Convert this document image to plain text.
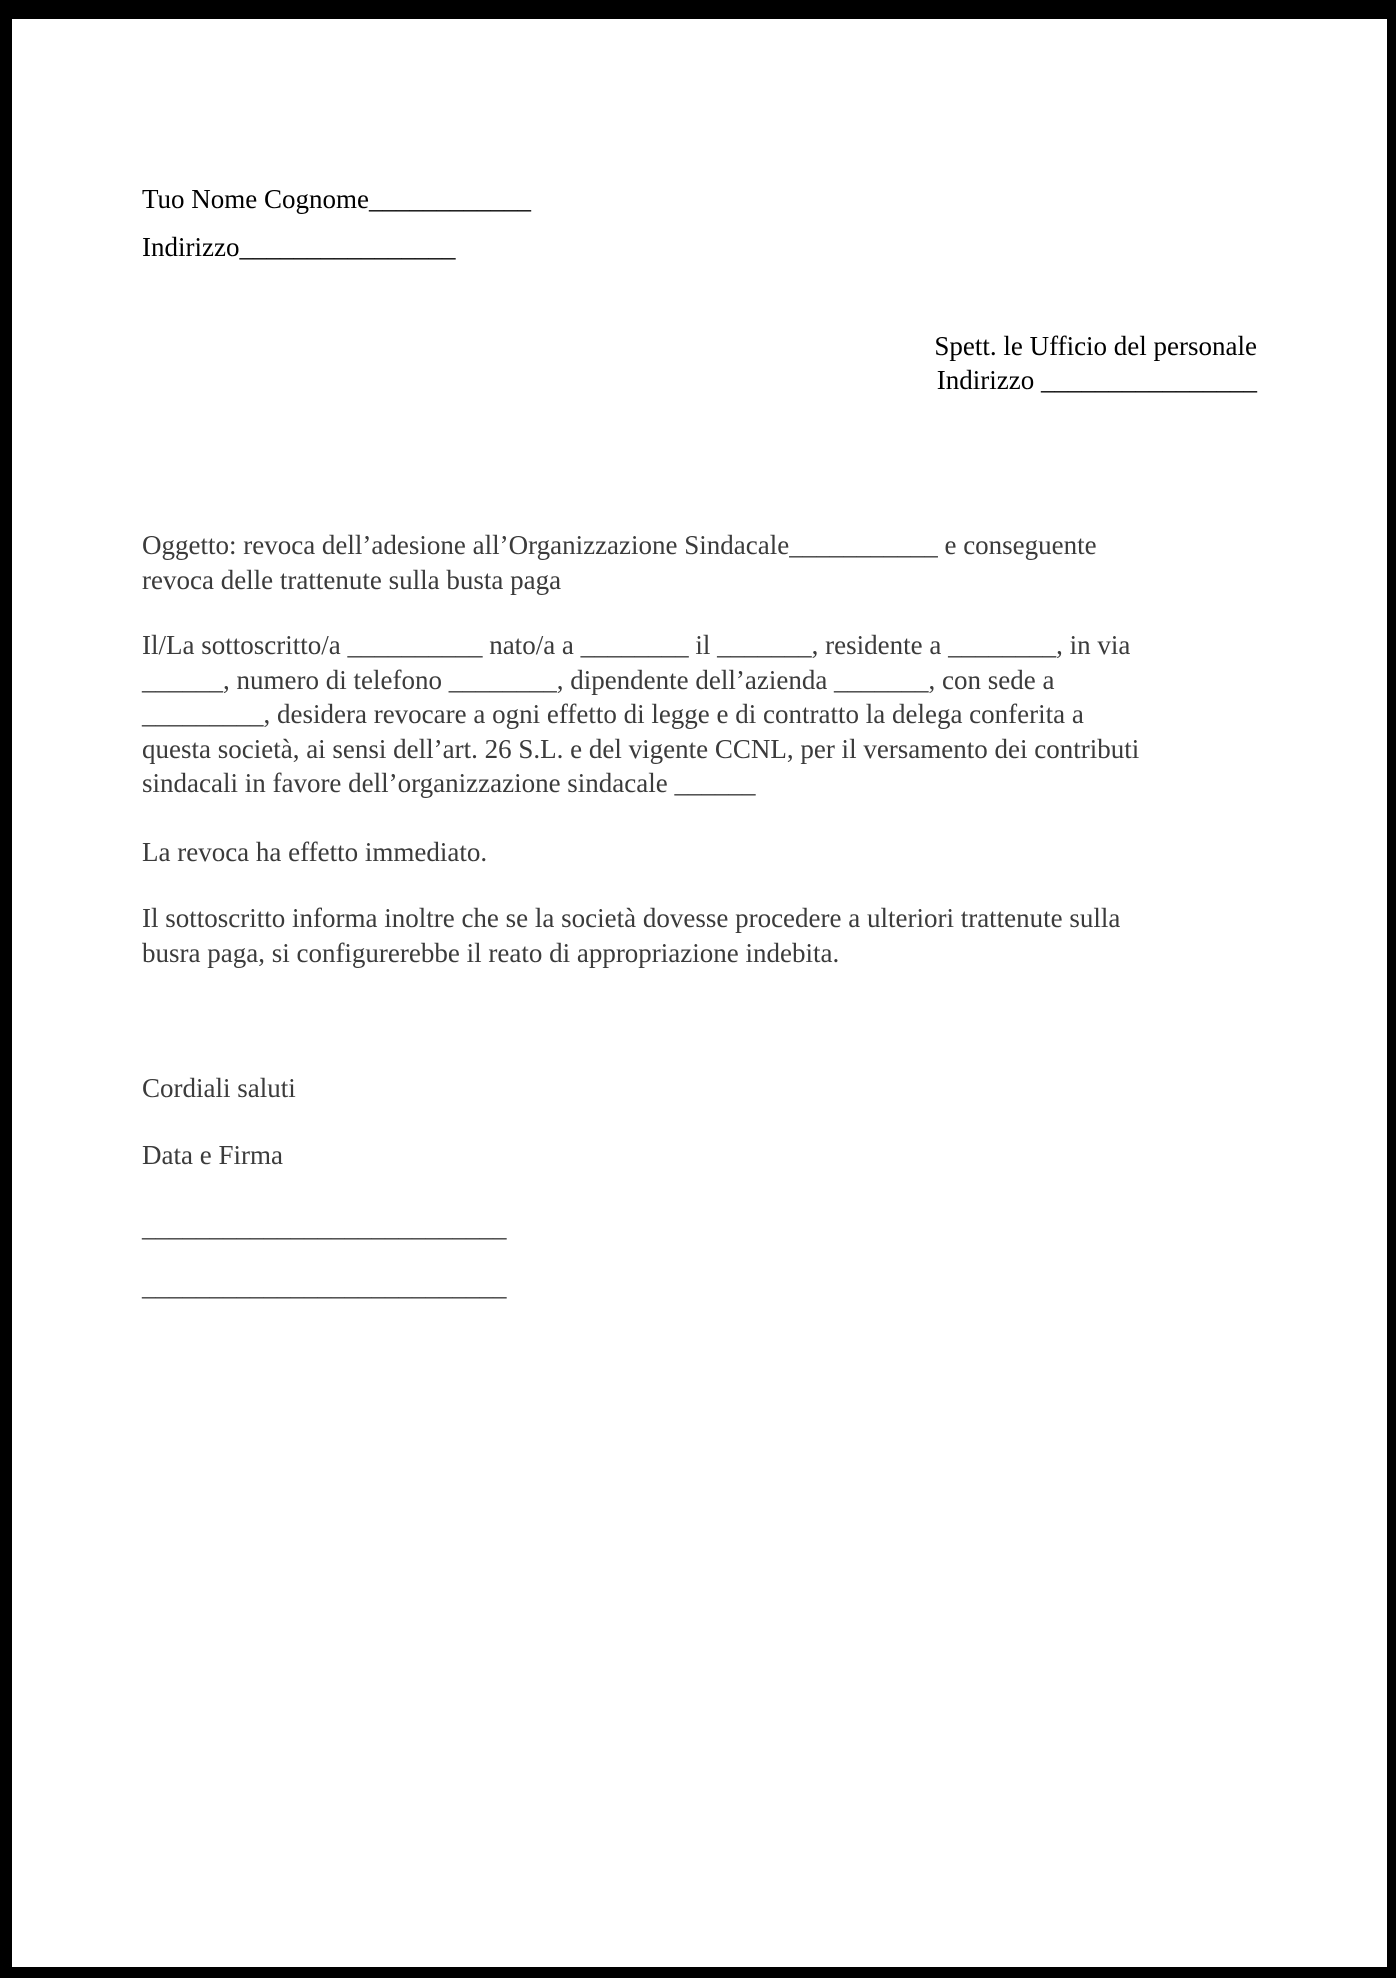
Tuo Nome Cognome____________

Indirizzo________________

Spett. le Ufficio del personale
Indirizzo ________________
Oggetto: revoca dell’adesione all’Organizzazione Sindacale___________ e conseguente
revoca delle trattenute sulla busta paga
Il/La sottoscritto/a __________ nato/a a ________ il _______, residente a ________, in via
______, numero di telefono ________, dipendente dell’azienda _______, con sede a
_________, desidera revocare a ogni effetto di legge e di contratto la delega conferita a
questa società, ai sensi dell’art. 26 S.L. e del vigente CCNL, per il versamento dei contributi
sindacali in favore dell’organizzazione sindacale ______

La revoca ha effetto immediato.

Il sottoscritto informa inoltre che se la società dovesse procedere a ulteriori trattenute sulla
busra paga, si configurerebbe il reato di appropriazione indebita.

Cordiali saluti

Data e Firma

___________________________

___________________________
